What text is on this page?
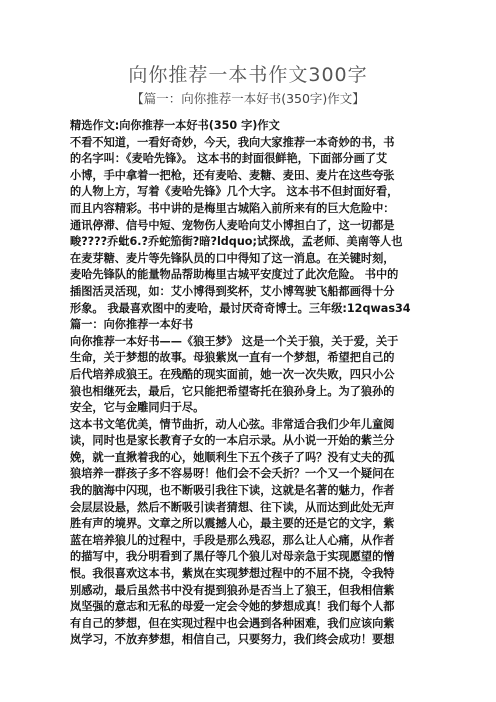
向你推荐一本书作文300字
【篇一：向你推荐一本好书(350字)作文】
精选作文:向你推荐一本好书(350 字)作文
不看不知道，一看好奇妙，今天，我向大家推荐一本奇妙的书，书
的名字叫：《麦哈先锋》。 这本书的封面很鲜艳，下面部分画了艾
小博，手中拿着一把枪，还有麦哈、麦糖、麦田、麦片在这些夸张
的人物上方，写着《麦哈先锋》几个大字。 这本书不但封面好看，
而且内容精彩。书中讲的是梅里古城陷入前所来有的巨大危险中：
通讯停滞、信号中短、宠物伤人麦哈向艾小博担白了，这一切都是
畯????乔蚍6.?乔蛇笳街?暗?ldquo;试探战，孟老师、美南等人也
在麦芽糖、麦片等先锋队员的口中得知了这一消息。在关键时刻，
麦哈先锋队的能量物品帮助梅里古城平安度过了此次危险。 书中的
插图活灵活现，如：艾小博得到奖杯，艾小博驾驶飞船都画得十分
形象。 我最喜欢图中的麦哈，最讨厌奇奇博士。三年级:12qwas34
篇一：向你推荐一本好书
向你推荐一本好书——《狼王梦》 这是一个关于狼，关于爱，关于
生命，关于梦想的故事。母狼紫岚一直有一个梦想，希望把自己的
后代培养成狼王。在残酷的现实面前，她一次一次失败，四只小公
狼也相继死去，最后，它只能把希望寄托在狼孙身上。为了狼孙的
安全，它与金雕同归于尽。
这本书文笔优美，情节曲折，动人心弦。非常适合我们少年儿童阅
读，同时也是家长教育子女的一本启示录。从小说一开始的紫兰分
娩，就一直揪着我的心，她顺利生下五个孩子了吗？没有丈夫的孤
狼培养一群孩子多不容易呀！他们会不会夭折？一个又一个疑问在
我的脑海中闪现，也不断吸引我往下读，这就是名著的魅力，作者
会层层设悬，然后不断吸引读者猜想、往下读，从而达到此处无声
胜有声的境界。文章之所以震撼人心，最主要的还是它的文字，紫
蓝在培养狼儿的过程中，手段是那么残忍，那么让人心痛，从作者
的描写中，我分明看到了黑仔等几个狼儿对母亲急于实现愿望的憎
恨。我很喜欢这本书，紫岚在实现梦想过程中的不屈不挠，令我特
别感动，最后虽然书中没有提到狼孙是否当上了狼王，但我相信紫
岚坚强的意志和无私的母爱一定会令她的梦想成真！我们每个人都
有自己的梦想，但在实现过程中也会遇到各种困难，我们应该向紫
岚学习，不放弃梦想，相信自己，只要努力，我们终会成功！要想
